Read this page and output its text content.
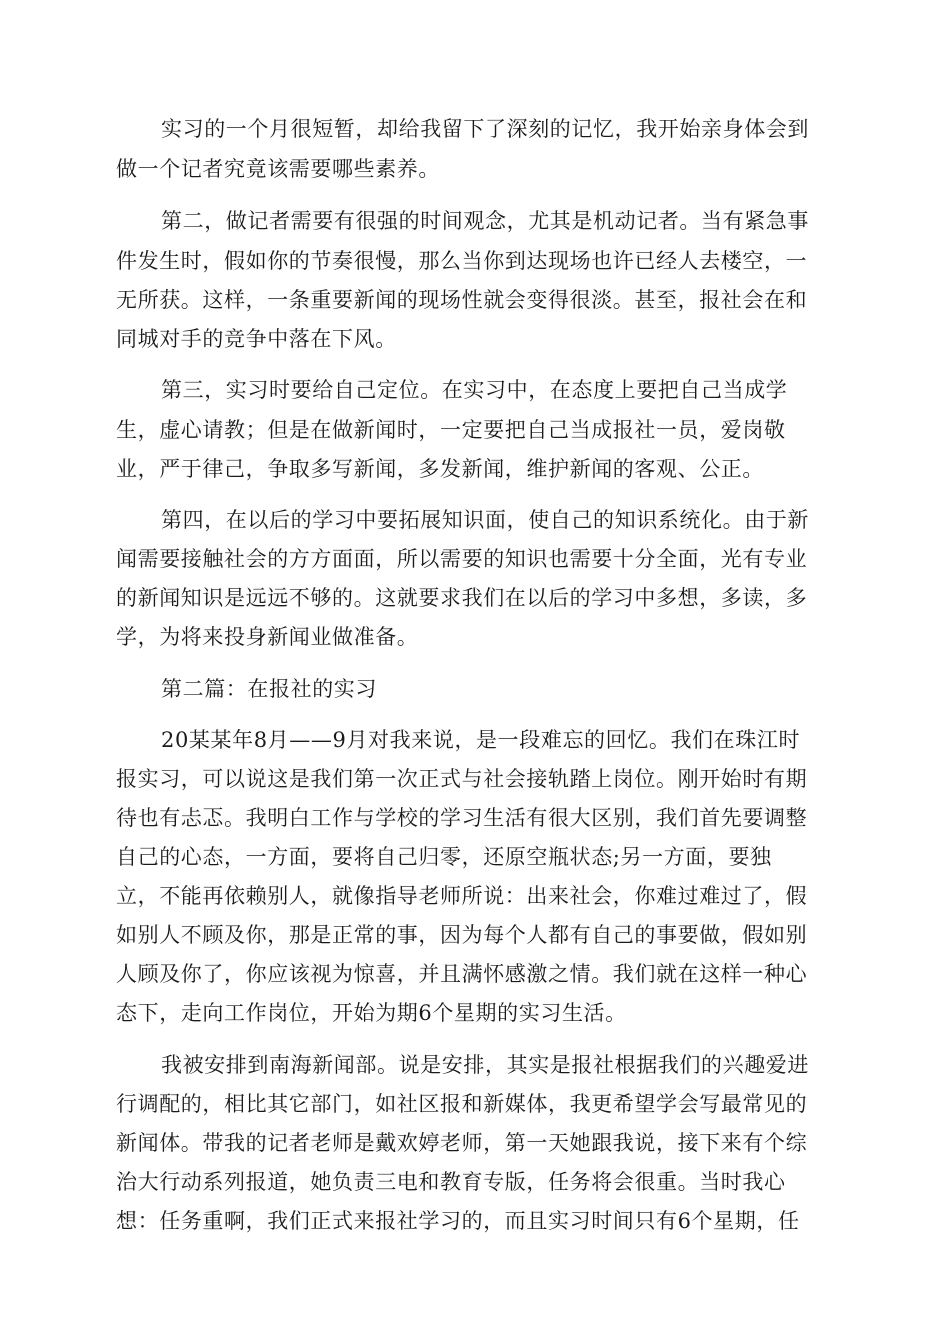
实习的一个月很短暂，却给我留下了深刻的记忆，我开始亲身体会到
做一个记者究竟该需要哪些素养。
第二，做记者需要有很强的时间观念，尤其是机动记者。当有紧急事
件发生时，假如你的节奏很慢，那么当你到达现场也许已经人去楼空，一
无所获。这样，一条重要新闻的现场性就会变得很淡。甚至，报社会在和
同城对手的竞争中落在下风。
第三，实习时要给自己定位。在实习中，在态度上要把自己当成学
生，虚心请教；但是在做新闻时，一定要把自己当成报社一员，爱岗敬
业，严于律己，争取多写新闻，多发新闻，维护新闻的客观、公正。
第四，在以后的学习中要拓展知识面，使自己的知识系统化。由于新
闻需要接触社会的方方面面，所以需要的知识也需要十分全面，光有专业
的新闻知识是远远不够的。这就要求我们在以后的学习中多想，多读，多
学，为将来投身新闻业做准备。
第二篇：在报社的实习
20某某年8月——9月对我来说，是一段难忘的回忆。我们在珠江时
报实习，可以说这是我们第一次正式与社会接轨踏上岗位。刚开始时有期
待也有忐忑。我明白工作与学校的学习生活有很大区别，我们首先要调整
自己的心态，一方面，要将自己归零，还原空瓶状态;另一方面，要独
立，不能再依赖别人，就像指导老师所说：出来社会，你难过难过了，假
如别人不顾及你，那是正常的事，因为每个人都有自己的事要做，假如别
人顾及你了，你应该视为惊喜，并且满怀感激之情。我们就在这样一种心
态下，走向工作岗位，开始为期6个星期的实习生活。
我被安排到南海新闻部。说是安排，其实是报社根据我们的兴趣爱进
行调配的，相比其它部门，如社区报和新媒体，我更希望学会写最常见的
新闻体。带我的记者老师是戴欢婷老师，第一天她跟我说，接下来有个综
治大行动系列报道，她负责三电和教育专版，任务将会很重。当时我心
想：任务重啊，我们正式来报社学习的，而且实习时间只有6个星期，任
